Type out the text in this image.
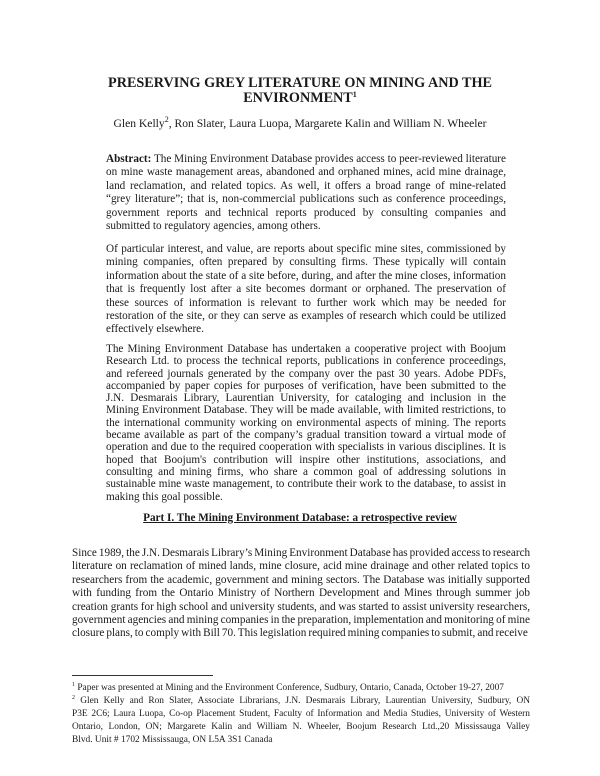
PRESERVING GREY LITERATURE ON MINING AND THE
ENVIRONMENT$^1$
Glen Kelly$^2$, Ron Slater, Laura Luopa, Margarete Kalin and William N. Wheeler
Abstract: The Mining Environment Database provides access to peer-reviewed literature
on mine waste management areas, abandoned and orphaned mines, acid mine drainage,
land reclamation, and related topics. As well, it offers a broad range of mine-related
“grey literature”; that is, non-commercial publications such as conference proceedings,
government reports and technical reports produced by consulting companies and
submitted to regulatory agencies, among others.
Of particular interest, and value, are reports about specific mine sites, commissioned by
mining companies, often prepared by consulting firms. These typically will contain
information about the state of a site before, during, and after the mine closes, information
that is frequently lost after a site becomes dormant or orphaned. The preservation of
these sources of information is relevant to further work which may be needed for
restoration of the site, or they can serve as examples of research which could be utilized
effectively elsewhere.
The Mining Environment Database has undertaken a cooperative project with Boojum
Research Ltd. to process the technical reports, publications in conference proceedings,
and refereed journals generated by the company over the past 30 years. Adobe PDFs,
accompanied by paper copies for purposes of verification, have been submitted to the
J.N. Desmarais Library, Laurentian University, for cataloging and inclusion in the
Mining Environment Database. They will be made available, with limited restrictions, to
the international community working on environmental aspects of mining. The reports
became available as part of the company’s gradual transition toward a virtual mode of
operation and due to the required cooperation with specialists in various disciplines. It is
hoped that Boojum's contribution will inspire other institutions, associations, and
consulting and mining firms, who share a common goal of addressing solutions in
sustainable mine waste management, to contribute their work to the database, to assist in
making this goal possible.
Part I. The Mining Environment Database: a retrospective review
Since 1989, the J.N. Desmarais Library’s Mining Environment Database has provided access to research
literature on reclamation of mined lands, mine closure, acid mine drainage and other related topics to
researchers from the academic, government and mining sectors. The Database was initially supported
with funding from the Ontario Ministry of Northern Development and Mines through summer job
creation grants for high school and university students, and was started to assist university researchers,
government agencies and mining companies in the preparation, implementation and monitoring of mine
closure plans, to comply with Bill 70. This legislation required mining companies to submit, and receive
$^1$ Paper was presented at Mining and the Environment Conference, Sudbury, Ontario, Canada, October 19-27, 2007
$^2$ Glen Kelly and Ron Slater, Associate Librarians, J.N. Desmarais Library, Laurentian University, Sudbury, ON
P3E 2C6; Laura Luopa, Co-op Placement Student, Faculty of Information and Media Studies, University of Western
Ontario, London, ON; Margarete Kalin and William N. Wheeler, Boojum Research Ltd.,20 Mississauga Valley
Blvd. Unit # 1702 Mississauga, ON L5A 3S1 Canada
